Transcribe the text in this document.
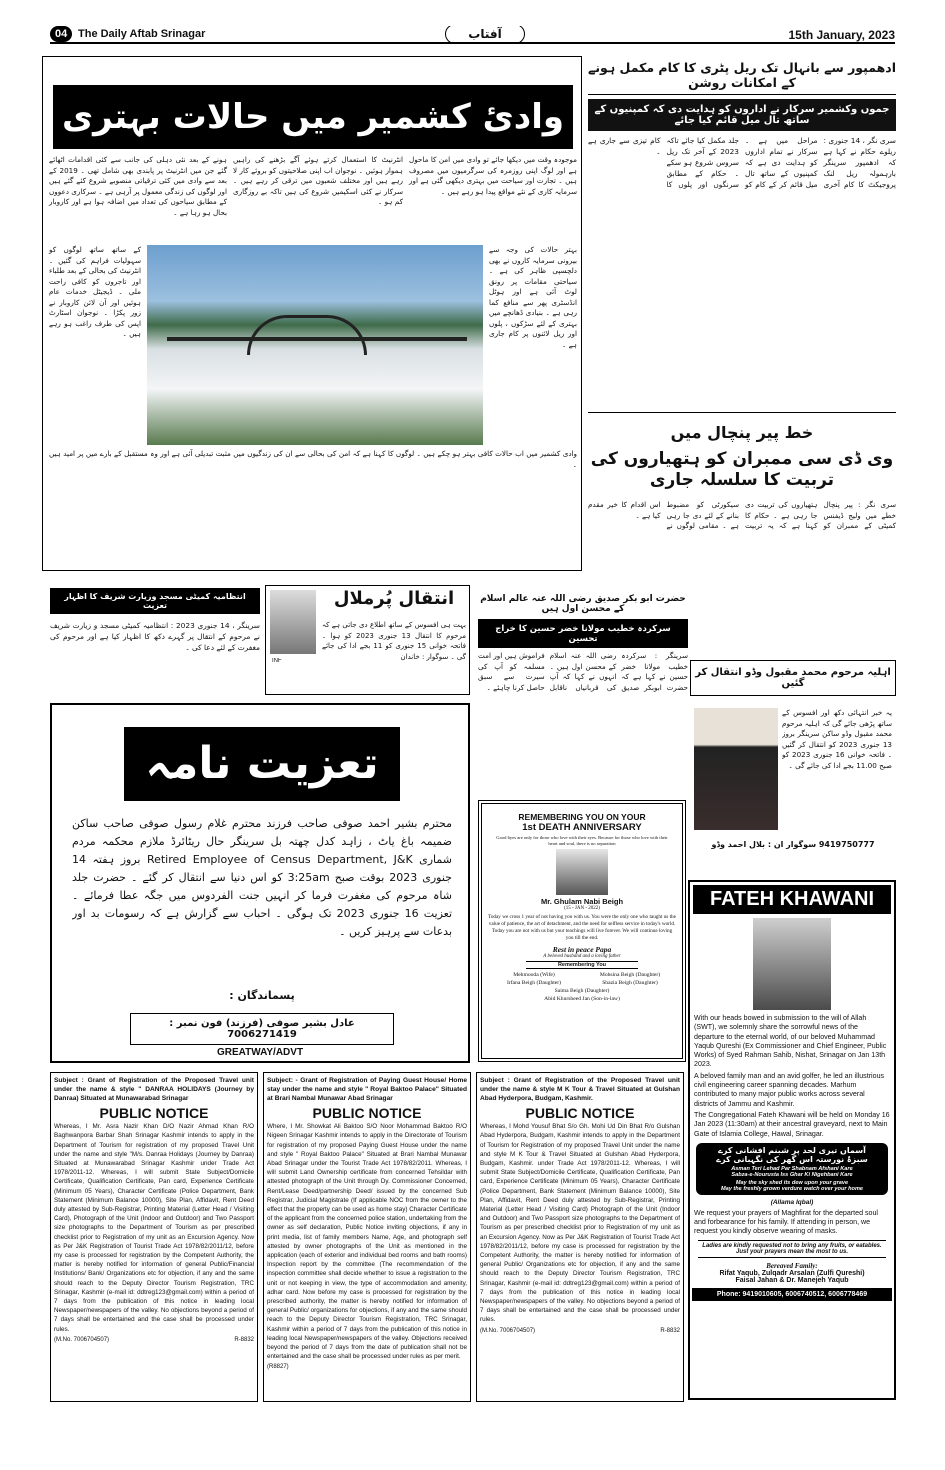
04 The Daily Aftab Srinagar	آفتاب	15th January, 2023
وادیٔ کشمیر میں حالات بہتری
ہونے کے بعد نئی دہلی کی جانب سے کئی اقدامات اٹھائے گئے جن میں انٹرنیٹ پر پابندی بھی شامل تھی ۔ 2019 کے بعد سے وادی میں کئی ترقیاتی منصوبے شروع کئے گئے ہیں اور لوگوں کی زندگی معمول پر آرہی ہے ۔ سرکاری دعووں کے مطابق سیاحوں کی تعداد میں اضافہ ہوا ہے اور کاروبار بحال ہو رہا ہے ۔
انٹرنیٹ کا استعمال کرتے ہوئے آگے بڑھنے کی راہیں ہموار ہوئیں ۔ نوجوان اب اپنی صلاحیتوں کو بروئے کار لا رہے ہیں اور مختلف شعبوں میں ترقی کر رہے ہیں ۔ سرکار نے کئی اسکیمیں شروع کی ہیں تاکہ بے روزگاری کم ہو ۔
موجودہ وقت میں دیکھا جائے تو وادی میں امن کا ماحول ہے اور لوگ اپنی روزمرہ کی سرگرمیوں میں مصروف ہیں ۔ تجارت اور سیاحت میں بہتری دیکھی گئی ہے اور سرمایہ کاری کے نئے مواقع پیدا ہو رہے ہیں ۔
کے ساتھ ساتھ لوگوں کو سہولیات فراہم کی گئیں ۔ انٹرنیٹ کی بحالی کے بعد طلباء اور تاجروں کو کافی راحت ملی ۔ ڈیجیٹل خدمات عام ہوئیں اور آن لائن کاروبار نے زور پکڑا ۔ نوجوان اسٹارٹ اپس کی طرف راغب ہو رہے ہیں ۔
بہتر حالات کی وجہ سے بیرونی سرمایہ کاروں نے بھی دلچسپی ظاہر کی ہے ۔ سیاحتی مقامات پر رونق لوٹ آئی ہے اور ہوٹل انڈسٹری پھر سے منافع کما رہی ہے ۔ بنیادی ڈھانچے میں بہتری کے لئے سڑکوں ، پلوں اور ریل لائنوں پر کام جاری ہے ۔
وادی کشمیر میں اب حالات کافی بہتر ہو چکے ہیں ۔ لوگوں کا کہنا ہے کہ امن کی بحالی سے ان کی زندگیوں میں مثبت تبدیلی آئی ہے اور وہ مستقبل کے بارے میں پر امید ہیں ۔
ادھمپور سے بانہال تک ریل پٹری کا کام مکمل ہونے کے امکانات روشن
جموں وکشمیر سرکار نے اداروں کو ہدایت دی کہ کمپنیوں کے ساتھ تال میل قائم کیا جائے
سری نگر ، 14 جنوری : ریلوے حکام نے کہا ہے کہ ادھمپور سرینگر بارہمولہ ریل لنک پروجیکٹ کا کام آخری مراحل میں ہے ۔ سرکار نے تمام اداروں کو ہدایت دی ہے کہ کمپنیوں کے ساتھ تال میل قائم کر کے کام کو جلد مکمل کیا جائے تاکہ 2023 کے آخر تک ریل سروس شروع ہو سکے ۔ حکام کے مطابق سرنگوں اور پلوں کا کام تیزی سے جاری ہے ۔
خط پیر پنچال میں
وی ڈی سی ممبران کو ہتھیاروں کی تربیت کا سلسلہ جاری
سری نگر : پیر پنچال خطے میں ولیج ڈیفنس کمیٹی کے ممبران کو ہتھیاروں کی تربیت دی جا رہی ہے ۔ حکام کا کہنا ہے کہ یہ تربیت سیکورٹی کو مضبوط بنانے کے لئے دی جا رہی ہے ۔ مقامی لوگوں نے اس اقدام کا خیر مقدم کیا ہے ۔
انتظامیہ کمیٹی مسجد وزیارت شریف کا اظہار تعزیت
سرینگر ، 14 جنوری 2023 : انتظامیہ کمیٹی مسجد و زیارت شریف نے مرحوم کے انتقال پر گہرے دکھ کا اظہار کیا ہے اور مرحوم کی مغفرت کے لئے دعا کی ۔
INF
انتقال پُرملال
بہت ہی افسوس کے ساتھ اطلاع دی جاتی ہے کہ مرحوم کا انتقال 13 جنوری 2023 کو ہوا ۔ فاتحہ خوانی 15 جنوری کو 11 بجے ادا کی جائے گی ۔ سوگوار : خاندان
حضرت ابو بکر صدیق رضی اللہ عنہ عالم اسلام کے محسن اول ہیں
سرکردہ خطیب مولانا خضر حسین کا خراج تحسین
سرینگر : سرکردہ خطیب مولانا خضر حسین نے کہا ہے کہ حضرت ابوبکر صدیق رضی اللہ عنہ اسلام کے محسن اول ہیں ۔ انہوں نے کہا کہ آپ کی قربانیاں ناقابل فراموش ہیں اور امت مسلمہ کو آپ کی سیرت سے سبق حاصل کرنا چاہئے ۔
اہلیہ مرحوم محمد مقبول وڈو انتقال کر گئیں
یہ خبر انتہائی دکھ اور افسوس کے ساتھ پڑھی جائے گی کہ اہلیہ مرحوم محمد مقبول وڈو ساکن سرینگر بروز 13 جنوری 2023 کو انتقال کر گئیں ۔ فاتحہ خوانی 16 جنوری 2023 کو صبح 11.00 بجے ادا کی جائے گی ۔
9419750777 سوگوار ان : بلال احمد وڈو
تعزیت نامہ
محترم بشیر احمد صوفی صاحب فرزند محترم غلام رسول صوفی صاحب ساکن ضمیمہ باغ یاٹ ، زاہد کدل چھتہ بل سرینگر حال ریٹائرڈ ملازم محکمہ مردم شماری Retired Employee of Census Department, J&K بروز ہفتہ 14 جنوری 2023 بوقت صبح 3:25am کو اس دنیا سے انتقال کر گئے ۔ حضرت جلد شاہ مرحوم کی مغفرت فرما کر انہیں جنت الفردوس میں جگہ عطا فرمائے ۔ تعزیت 16 جنوری 2023 تک ہوگی ۔ احباب سے گزارش ہے کہ رسومات بد اور بدعات سے پرہیز کریں ۔
پسماندگان :
عادل بشیر صوفی (فرزند) فون نمبر : 7006271419
GREATWAY/ADVT
REMEMBERING YOU ON YOUR
1st DEATH ANNIVERSARY
Good byes are only for those who love with their eyes. Because for those who love with their heart and soul, there is no separation
Mr. Ghulam Nabi Beigh
(15 - JAN - 2022)
Today we cross 1 year of not having you with us. You were the only one who taught us the value of patience, the art of detachment, and the need for selfless service in today's world. Today you are not with us but your teachings will live forever. We will continue loving you till the end.
Rest in peace Papa
A beloved husband and a loving father
Remembering You
Mehmooda (Wife)	Mohsina Beigh (Daughter)
Irfana Beigh (Daughter)	Shazia Beigh (Daughter)
Saima Beigh (Daughter)
Abid Khursheed Jan (Son-in-law)
FATEH KHAWANI
With our heads bowed in submission to the will of Allah (SWT), we solemnly share the sorrowful news of the departure to the eternal world, of our beloved Muhammad Yaqub Qureshi (Ex Commissioner and Chief Engineer, Public Works) of Syed Rahman Sahib, Nishat, Srinagar on Jan 13th 2023.
A beloved family man and an avid golfer, he led an illustrious civil engineering career spanning decades. Marhum contributed to many major public works across several districts of Jammu and Kashmir.
The Congregational Fateh Khawani will be held on Monday 16 Jan 2023 (11:30am) at their ancestral graveyard, next to Main Gate of Islamia College, Hawal, Srinagar.
آسماں تیری لحد پر شبنم افشانی کرے
سبزۂ نورستہ اس گھر کی نگہبانی کرے
Asman Teri Lehad Par Shabnam Afshani Kare
Sabza-e-Nourusta Iss Ghar Ki Nigehbani Kare
May the sky shed its dew upon your grave
May the freshly grown verdure watch over your home
(Allama Iqbal)
We request your prayers of Maghfirat for the departed soul and forbearance for his family. If attending in person, we request you kindly observe wearing of masks.
Ladies are kindly requested not to bring any fruits, or eatables. Just your prayers mean the most to us.
Bereaved Family:
Rifat Yaqub, Zulqadr Arsalan (Zulfi Qureshi)
Faisal Jahan & Dr. Manejeh Yaqub
Phone: 9419010605, 6006740512, 6006778469
Subject : Grant of Registration of the Proposed Travel unit under the name & style " DANRAA HOLIDAYS (Journey by Danraa) Situated at Munawarabad Srinagar
PUBLIC NOTICE
Whereas, I Mr. Asra Nazir Khan D/O Nazir Ahmad Khan R/O Baghwanpora Barbar Shah Srinagar Kashmir intends to apply in the Department of Tourism for registration of my proposed Travel Unit under the name and style "M/s. Danraa Holidays (Journey by Danraa) Situated at Munawarabad Srinagar Kashmir under Trade Act 1978/2011-12. Whereas, I will submit State Subject/Domicile Certificate, Qualification Certificate, Pan card, Experience Certificate (Minimum 05 Years), Character Certificate (Police Department, Bank Statement (Minimum Balance 10000), Site Plan, Affidavit, Rent Deed duly attested by Sub-Registrar, Printing Material (Letter Head / Visiting Card), Photograph of the Unit (Indoor and Outdoor) and Two Passport size photographs to the Department of Tourism as per prescribed checklist prior to Registration of my unit as an Excursion Agency. Now as Per J&K Registration of Tourist Trade Act 1978/82/2011/12, before my case is processed for registration by the Competent Authority, the matter is hereby notified for information of general Public/Financial Institutions/ Bank/ Organizations etc for objection, if any and the same should reach to the Deputy Director Tourism Registration, TRC Srinagar, Kashmir (e-mail id: ddtreg123@gmail.com) within a period of 7 days from the publication of this notice in leading local Newspaper/newspapers of the valley. No objections beyond a period of 7 days shall be entertained and the case shall be processed under rules.
(M.No. 7006704507)	R-8832
Subject: - Grant of Registration of Paying Guest House/ Home stay under the name and style " Royal Baktoo Palace" Situated at Brari Nambal Munawar Abad Srinagar
PUBLIC NOTICE
Where, I Mr. Showkat Ali Baktoo S/O Noor Mohammad Baktoo R/O Nigeen Srinagar Kashmir intends to apply in the Directorate of Tourism for registration of my proposed Paying Guest House under the name and style " Royal Baktoo Palace" Situated at Brari Nambal Munawar Abad Srinagar under the Tourist Trade Act 1978/82/2011. Whereas, I will submit Land Ownership certificate from concerned Tehsildar with attested photograph of the Unit through Dy. Commissioner Concerned, Rent/Lease Deed/partnership Deed/ issued by the concerned Sub Registrar, Judicial Magistrate (If applicable NOC from the owner to the effect that the property can be used as home stay) Character Certificate of the applicant from the concerned police station, undertaking from the owner as self declaration, Public Notice inviting objections, if any in print media, list of family members Name, Age, and photograph self attested by owner photographs of the Unit as mentioned in the application (each of exterior and individual bed rooms and bath rooms) Inspection report by the committee (The recommendation of the inspection committee shall decide whether to issue a registration to the unit or not keeping in view, the type of accommodation and amenity, adhar card. Now before my case is processed for registration by the prescribed authority, the matter is hereby notified for information of general Public/ organizations for objections, if any and the same should reach to the Deputy Director Tourism Registration, TRC Srinagar, Kashmir within a period of 7 days from the publication of this notice in leading local Newspaper/newspapers of the valley. Objections received beyond the period of 7 days from the date of publication shall not be entertained and the case shall be processed under rules as per merit.
(R8827)
Subject : Grant of Registration of the Proposed Travel unit under the name & style M K Tour & Travel Situated at Gulshan Abad Hyderpora, Budgam, Kashmir.
PUBLIC NOTICE
Whereas, I Mohd Yousuf Bhat S/o Gh. Mohi Ud Din Bhat R/o Gulshan Abad Hyderpora, Budgam, Kashmir intends to apply in the Department of Tourism for Registration of my proposed Travel Unit under the name and style M K Tour & Travel Situated at Gulshan Abad Hyderpora, Budgam, Kashmir. under Trade Act 1978/2011-12. Whereas, I will submit State Subject/Domicile Certificate, Qualification Certificate, Pan card, Experience Certificate (Minimum 05 Years), Character Certificate (Police Department, Bank Statement (Minimum Balance 10000), Site Plan, Affidavit, Rent Deed duly attested by Sub-Registrar, Printing Material (Letter Head / Visiting Card) Photograph of the Unit (Indoor and Outdoor) and Two Passport size photographs to the Department of Tourism as per prescribed checklist prior to Registration of my unit as an Excursion Agency. Now as Per J&K Registration of Tourist Trade Act 1978/82/2011/12, before my case is processed for registration by the Competent Authority, the matter is hereby notified for information of general Public/ Organizations etc for objection, if any and the same should reach to the Deputy Director Tourism Registration, TRC Srinagar, Kashmir (e-mail id: ddtreg123@gmail.com) within a period of 7 days from the publication of this notice in leading local Newspaper/newspapers of the valley. No objections beyond a period of 7 days shall be entertained and the case shall be processed under rules.
(M.No. 7006704507)	R-8832
